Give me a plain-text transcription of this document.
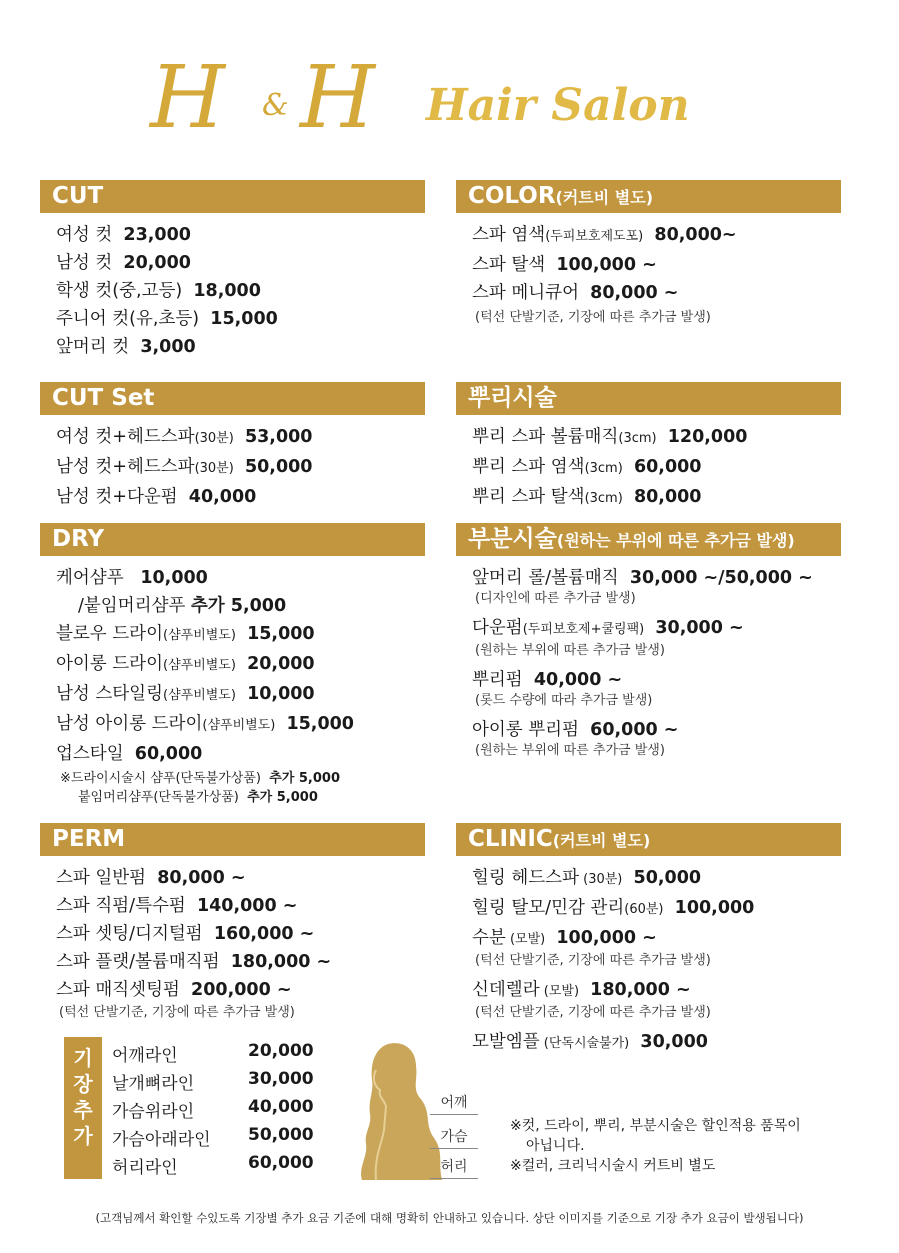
H & H Hair Salon
CUT
여성 컷 23,000
남성 컷 20,000
학생 컷(중,고등) 18,000
주니어 컷(유,초등) 15,000
앞머리 컷 3,000
CUT Set
여성 컷+헤드스파(30분) 53,000
남성 컷+헤드스파(30분) 50,000
남성 컷+다운펌 40,000
DRY
케어샴푸 10,000
/붙임머리샴푸 추가 5,000
블로우 드라이(샴푸비별도) 15,000
아이롱 드라이(샴푸비별도) 20,000
남성 스타일링(샴푸비별도) 10,000
남성 아이롱 드라이(샴푸비별도) 15,000
업스타일 60,000
※드라이시술시 샴푸(단독불가상품) 추가 5,000
붙임머리샴푸(단독불가상품) 추가 5,000
PERM
스파 일반펌 80,000 ~
스파 직펌/특수펌 140,000 ~
스파 셋팅/디지털펌 160,000 ~
스파 플랫/볼륨매직펌 180,000 ~
스파 매직셋팅펌 200,000 ~
(턱선 단발기준, 기장에 따른 추가금 발생)
기
장
추
가
어깨라인	20,000
날개뼈라인	30,000
가슴위라인	40,000
가슴아래라인 50,000
허리라인	60,000
어깨
가슴
허리
COLOR(커트비 별도)
스파 염색(두피보호제도포) 80,000~
스파 탈색 100,000 ~
스파 메니큐어 80,000 ~
(턱선 단발기준, 기장에 따른 추가금 발생)
뿌리시술
뿌리 스파 볼륨매직(3cm) 120,000
뿌리 스파 염색(3cm) 60,000
뿌리 스파 탈색(3cm) 80,000
부분시술(원하는 부위에 따른 추가금 발생)
앞머리 롤/볼륨매직 30,000 ~/50,000 ~
(디자인에 따른 추가금 발생)
다운펌(두피보호제+쿨링팩) 30,000 ~
(원하는 부위에 따른 추가금 발생)
뿌리펌 40,000 ~
(롯드 수량에 따라 추가금 발생)
아이롱 뿌리펌 60,000 ~
(원하는 부위에 따른 추가금 발생)
CLINIC(커트비 별도)
힐링 헤드스파 (30분) 50,000
힐링 탈모/민감 관리(60분) 100,000
수분 (모발) 100,000 ~
(턱선 단발기준, 기장에 따른 추가금 발생)
신데렐라 (모발) 180,000 ~
(턱선 단발기준, 기장에 따른 추가금 발생)
모발엠플 (단독시술불가) 30,000
※컷, 드라이, 뿌리, 부분시술은 할인적용 품목이
아닙니다.
※컬러, 크리닉시술시 커트비 별도
(고객님께서 확인할 수있도록 기장별 추가 요금 기준에 대해 명확히 안내하고 있습니다. 상단 이미지를 기준으로 기장 추가 요금이 발생됩니다)
